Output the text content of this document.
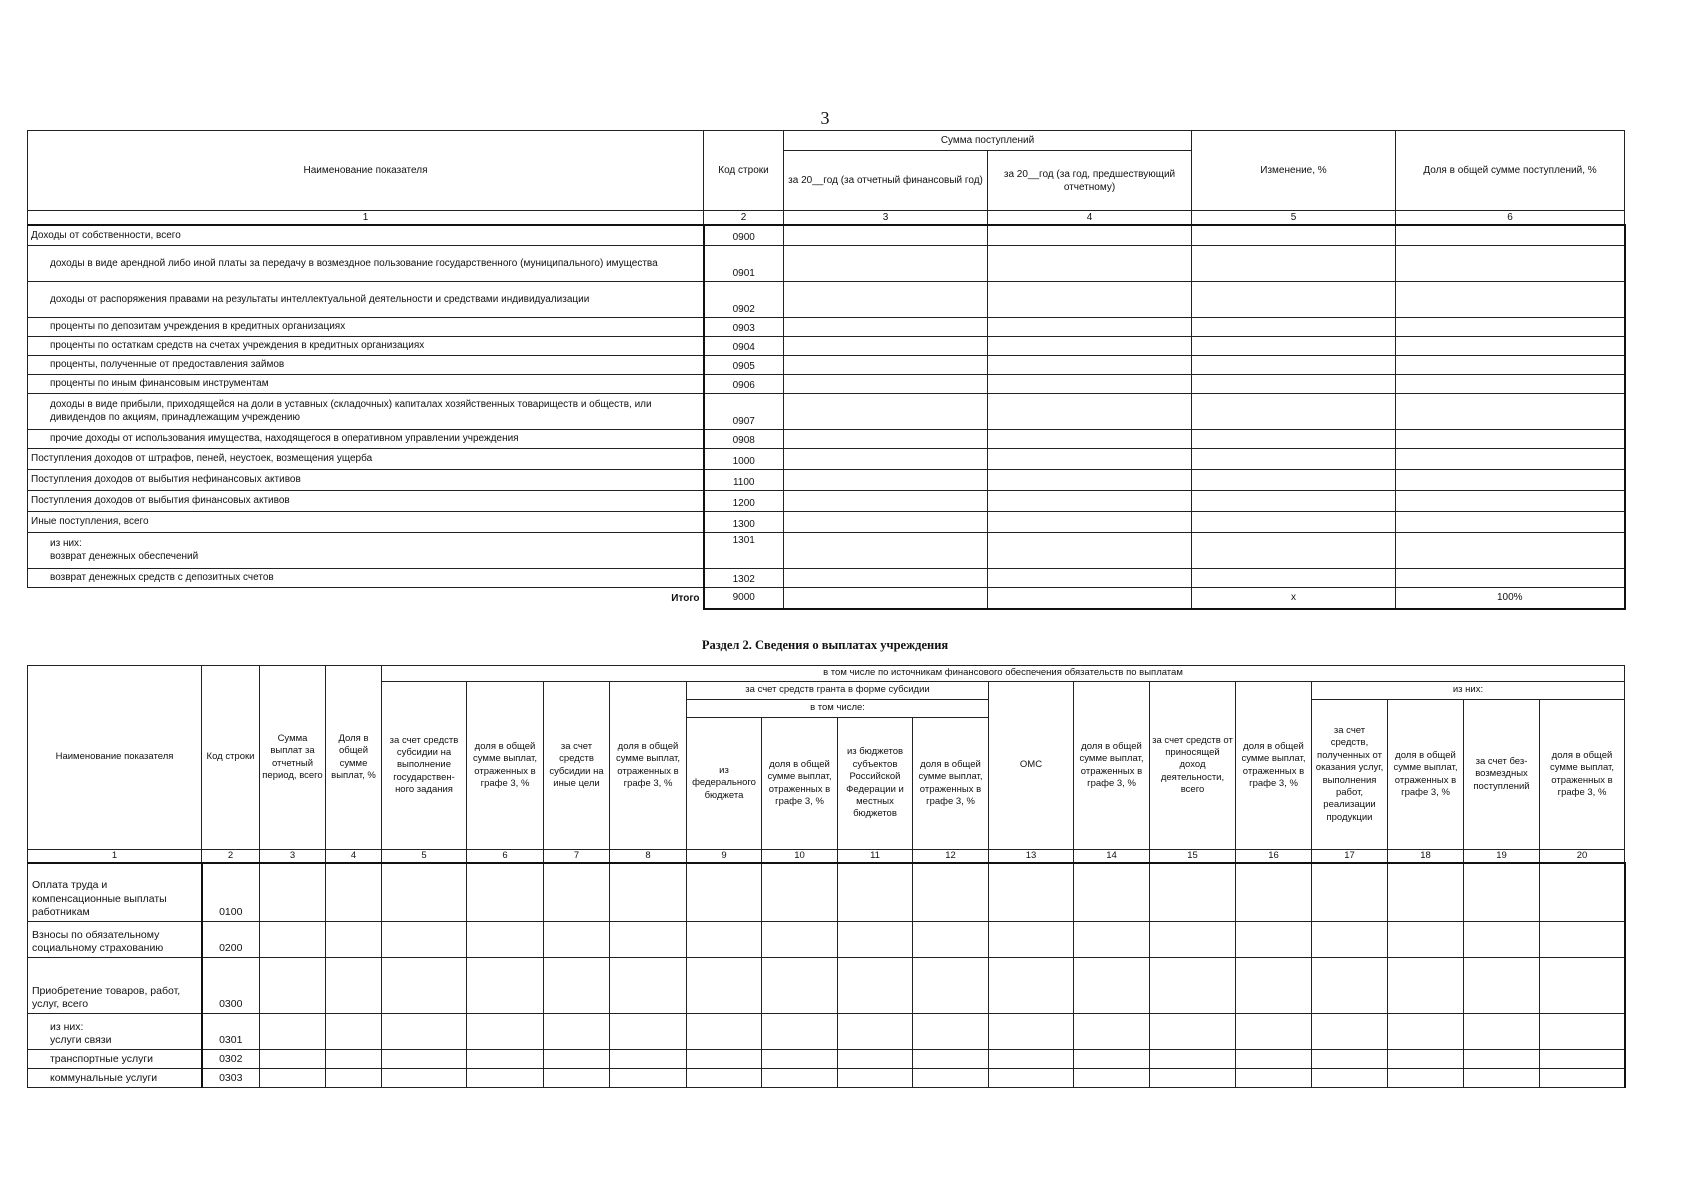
3
Наименование показателя	Код строки	Сумма поступлений		Изменение, %	Доля в общей сумме поступлений, %
		за 20__год (за отчетный финансовый год)	за 20__год (за год, предшествующий отчетному)		
1	2	3	4	5	6
Доходы от собственности, всего	0900				
доходы в виде арендной либо иной платы за передачу в возмездное пользование государственного (муниципального) имущества	0901				
доходы от распоряжения правами на результаты интеллектуальной деятельности и средствами индивидуализации	0902				
проценты по депозитам учреждения в кредитных организациях	0903				
проценты по остаткам средств на счетах учреждения в кредитных организациях	0904				
проценты, полученные от предоставления займов	0905				
проценты по иным финансовым инструментам	0906				
доходы в виде прибыли, приходящейся на доли в уставных (складочных) капиталах хозяйственных товариществ и обществ, или дивидендов по акциям, принадлежащим учреждению	0907				
прочие доходы от использования имущества, находящегося в оперативном управлении учреждения	0908				
Поступления доходов от штрафов, пеней, неустоек, возмещения ущерба	1000				
Поступления доходов от выбытия нефинансовых активов	1100				
Поступления доходов от выбытия финансовых активов	1200				
Иные поступления, всего	1300				

из них:
возврат денежных обеспечений	1301				
возврат денежных средств с депозитных счетов	1302				
Итого	9000			х	100%
Раздел 2. Сведения о выплатах учреждения
Наименование показателя	Код строки	Сумма выплат за отчетный период, всего	Доля в общей сумме выплат, %	в том числе по источникам финансового обеспечения обязательств по выплатам															
				за счет средств субсидии на выполнение государствен-ного задания	доля в общей сумме выплат, отраженных в графе 3, %	за счет средств субсидии на иные цели	доля в общей сумме выплат, отраженных в графе 3, %	за счет средств гранта в форме субсидии				ОМС	доля в общей сумме выплат, отраженных в графе 3, %	за счет средств от приносящей доход деятельности, всего	доля в общей сумме выплат, отраженных в графе 3, %	из них:			
								в том числе:								за счет средств, полученных от оказания услуг, выполнения работ, реализации продукции	доля в общей сумме выплат, отраженных в графе 3, %	за счет без-возмездных поступлений	доля в общей сумме выплат, отраженных в графе 3, %
								из федерального бюджета	доля в общей сумме выплат, отраженных в графе 3, %	из бюджетов субъектов Российской Федерации и местных бюджетов	доля в общей сумме выплат, отраженных в графе 3, %								
1	2	3	4	5	6	7	8	9	10	11	12	13	14	15	16	17	18	19	20
Оплата труда и компенсационные выплаты работникам	0100																		
Взносы по обязательному социальному страхованию	0200																		
Приобретение товаров, работ, услуг, всего	0300																		

из них:
услуги связи	0301																		
транспортные услуги	0302																		
коммунальные услуги	0303																		
